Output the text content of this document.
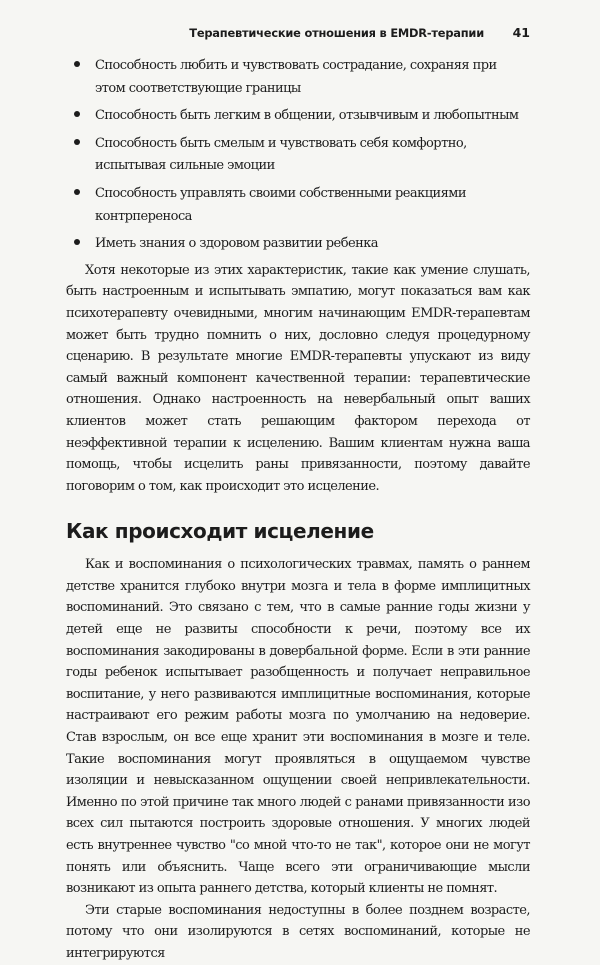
Терапевтические отношения в EMDR-терапии 41
Способность любить и чувствовать сострадание, сохраняя при этом соответствующие границы
Способность быть легким в общении, отзывчивым и любопытным
Способность быть смелым и чувствовать себя комфортно, испытывая сильные эмоции
Способность управлять своими собственными реакциями контрпереноса
Иметь знания о здоровом развитии ребенка

Хотя некоторые из этих характеристик, такие как умение слушать, быть настроенным и испытывать эмпатию, могут показаться вам как психотерапевту очевидными, многим начинающим EMDR-терапевтам может быть трудно помнить о них, дословно следуя процедурному сценарию. В результате многие EMDR-терапевты упускают из виду самый важный компонент качественной терапии: терапевтические отношения. Однако настроенность на невербальный опыт ваших клиентов может стать решающим фактором перехода от неэффективной терапии к исцелению. Вашим клиентам нужна ваша помощь, чтобы исцелить раны привязанности, поэтому давайте поговорим о том, как происходит это исцеление.

Как происходит исцеление

Как и воспоминания о психологических травмах, память о раннем детстве хранится глубоко внутри мозга и тела в форме имплицитных воспоминаний. Это связано с тем, что в самые ранние годы жизни у детей еще не развиты способности к речи, поэтому все их воспоминания закодированы в довербальной форме. Если в эти ранние годы ребенок испытывает разобщенность и получает неправильное воспитание, у него развиваются имплицитные воспоминания, которые настраивают его режим работы мозга по умолчанию на недоверие. Став взрослым, он все еще хранит эти воспоминания в мозге и теле. Такие воспоминания могут проявляться в ощущаемом чувстве изоляции и невысказанном ощущении своей непривлекательности. Именно по этой причине так много людей с ранами привязанности изо всех сил пытаются построить здоровые отношения. У многих людей есть внутреннее чувство "со мной что-то не так", которое они не могут понять или объяснить. Чаще всего эти ограничивающие мысли возникают из опыта раннего детства, который клиенты не помнят.

Эти старые воспоминания недоступны в более позднем возрасте, потому что они изолируются в сетях воспоминаний, которые не интегрируются
